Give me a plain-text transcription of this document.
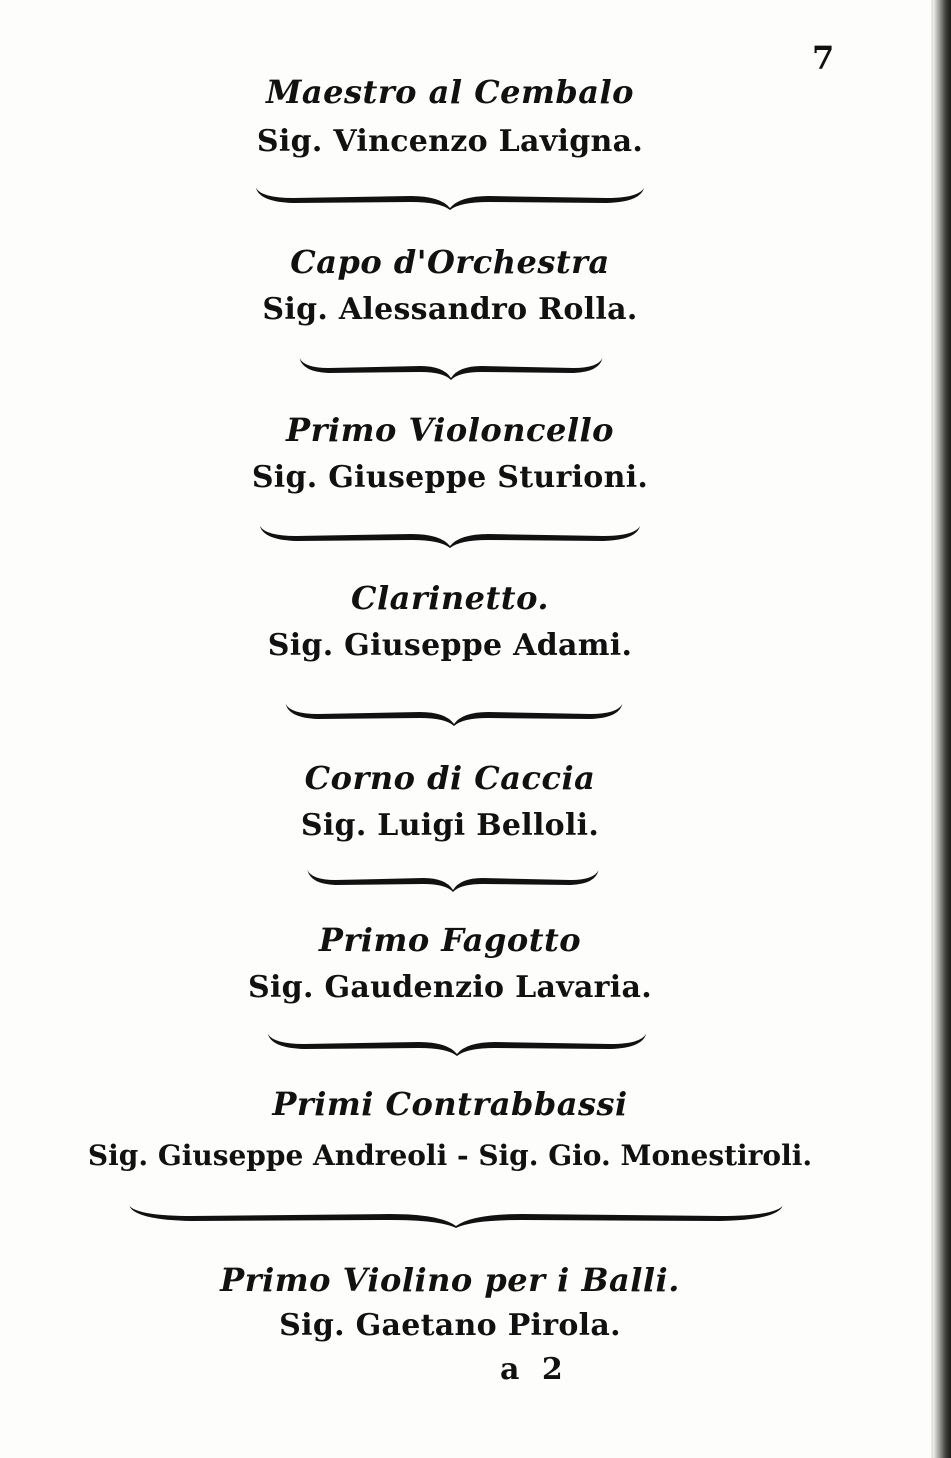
7
Maestro al Cembalo
Sig. Vincenzo Lavigna.
Capo d'Orchestra
Sig. Alessandro Rolla.
Primo Violoncello
Sig. Giuseppe Sturioni.
Clarinetto.
Sig. Giuseppe Adami.
Corno di Caccia
Sig. Luigi Belloli.
Primo Fagotto
Sig. Gaudenzio Lavaria.
Primi Contrabbassi
Sig. Giuseppe Andreoli - Sig. Gio. Monestiroli.
Primo Violino per i Balli.
Sig. Gaetano Pirola.
a 2
